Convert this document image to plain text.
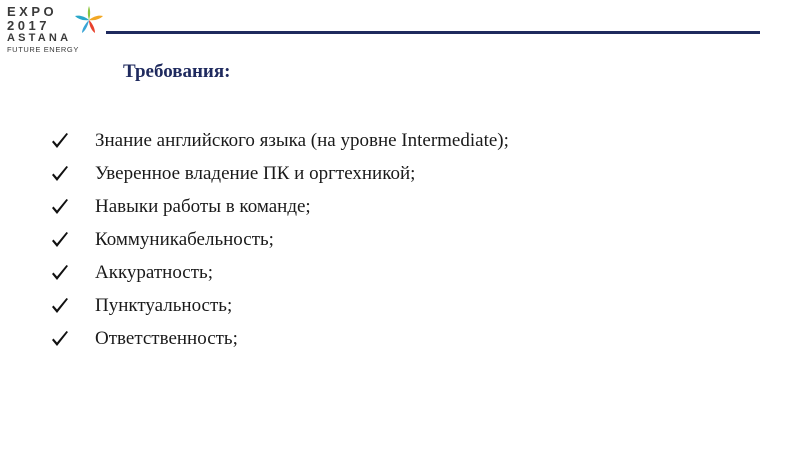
EXPO
2017
ASTANA
FUTURE ENERGY
Требования:
Знание английского языка (на уровне Intermediate);
Уверенное владение ПК и оргтехникой;
Навыки работы в команде;
Коммуникабельность;
Аккуратность;
Пунктуальность;
Ответственность;
